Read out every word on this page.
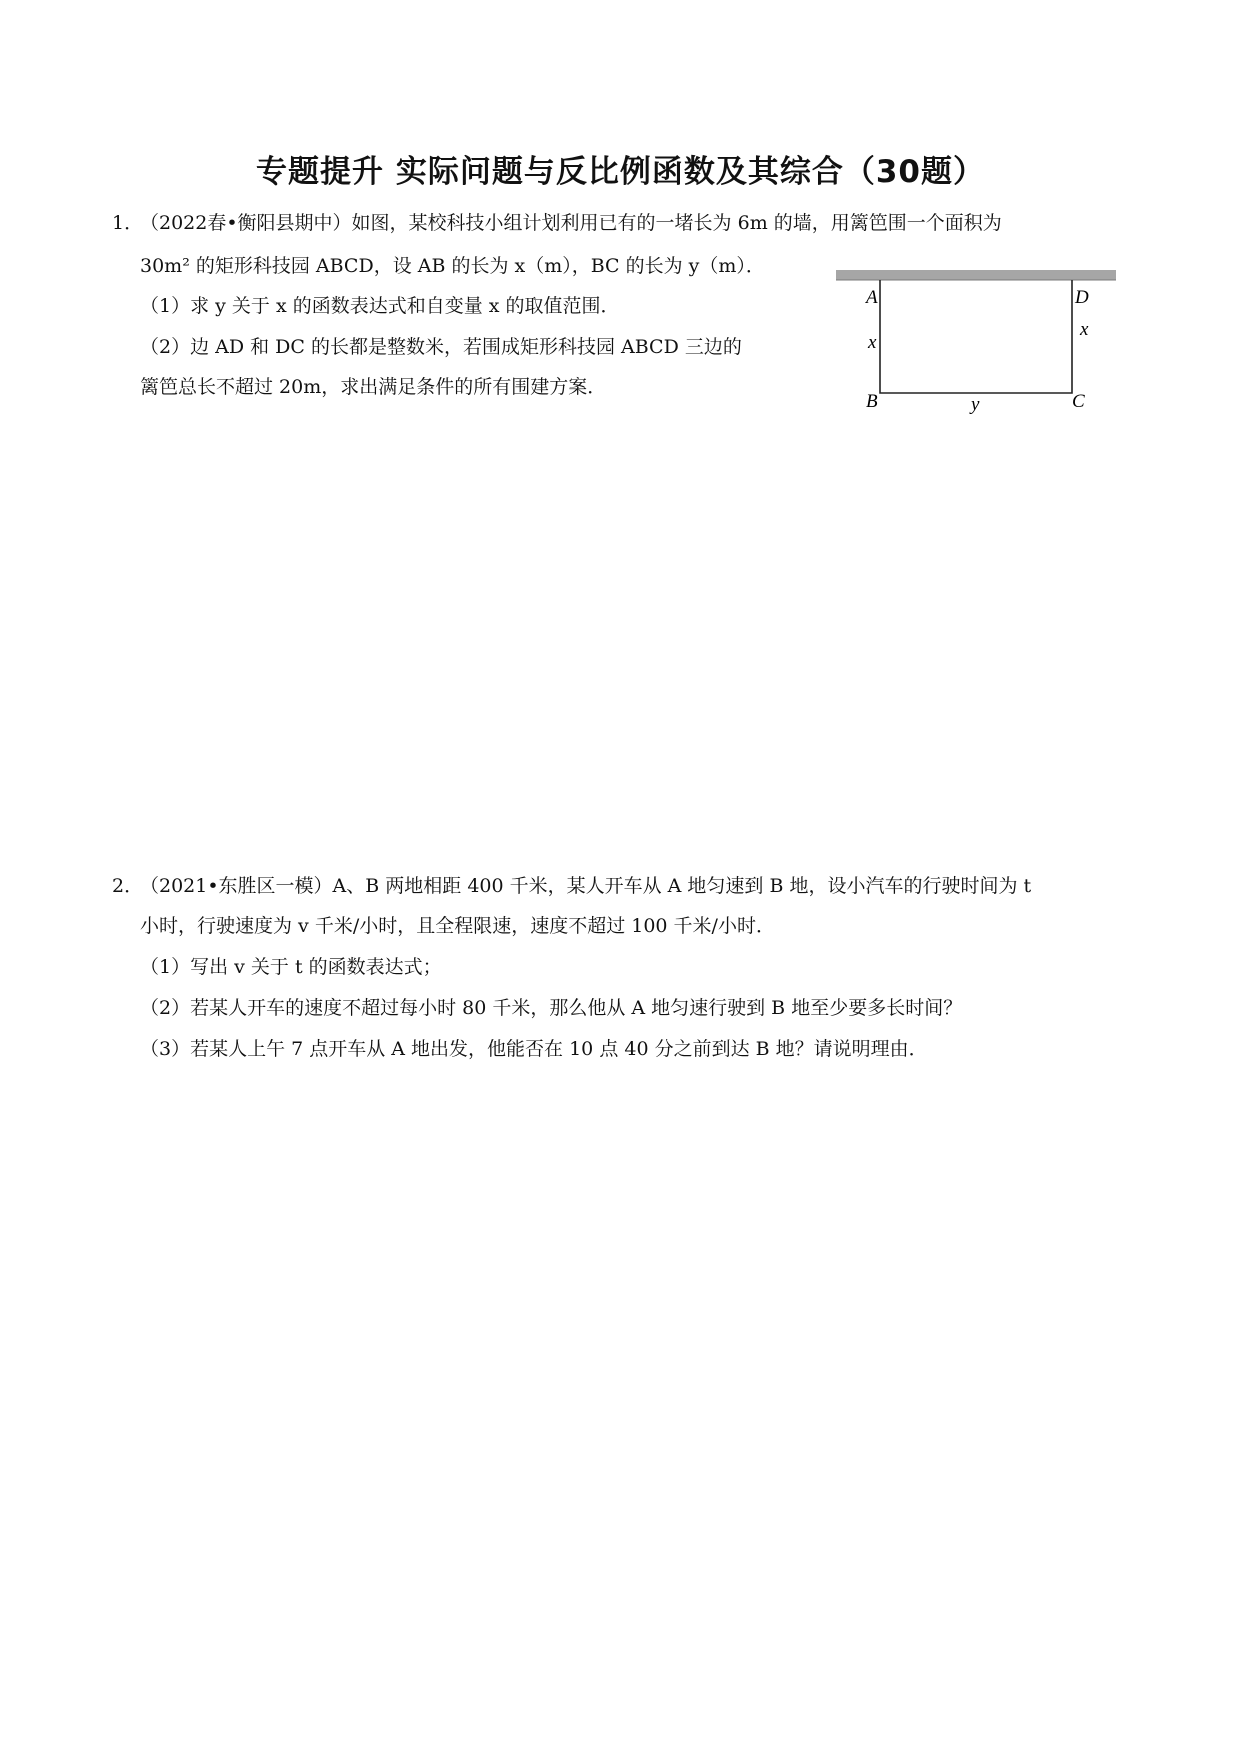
专题提升 实际问题与反比例函数及其综合（30题）
1．
（2022春•衡阳县期中）如图，某校科技小组计划利用已有的一堵长为 6m 的墙，用篱笆围一个面积为
30m² 的矩形科技园 ABCD，设 AB 的长为 x（m），BC 的长为 y（m）．
（1）求 y 关于 x 的函数表达式和自变量 x 的取值范围．
（2）边 AD 和 DC 的长都是整数米，若围成矩形科技园 ABCD 三边的
篱笆总长不超过 20m，求出满足条件的所有围建方案．
A	D
x
x
B	y	C
2．
（2021•东胜区一模）A、B 两地相距 400 千米，某人开车从 A 地匀速到 B 地，设小汽车的行驶时间为 t
小时，行驶速度为 v 千米/小时，且全程限速，速度不超过 100 千米/小时．
（1）写出 v 关于 t 的函数表达式；
（2）若某人开车的速度不超过每小时 80 千米，那么他从 A 地匀速行驶到 B 地至少要多长时间？
（3）若某人上午 7 点开车从 A 地出发，他能否在 10 点 40 分之前到达 B 地？请说明理由．
